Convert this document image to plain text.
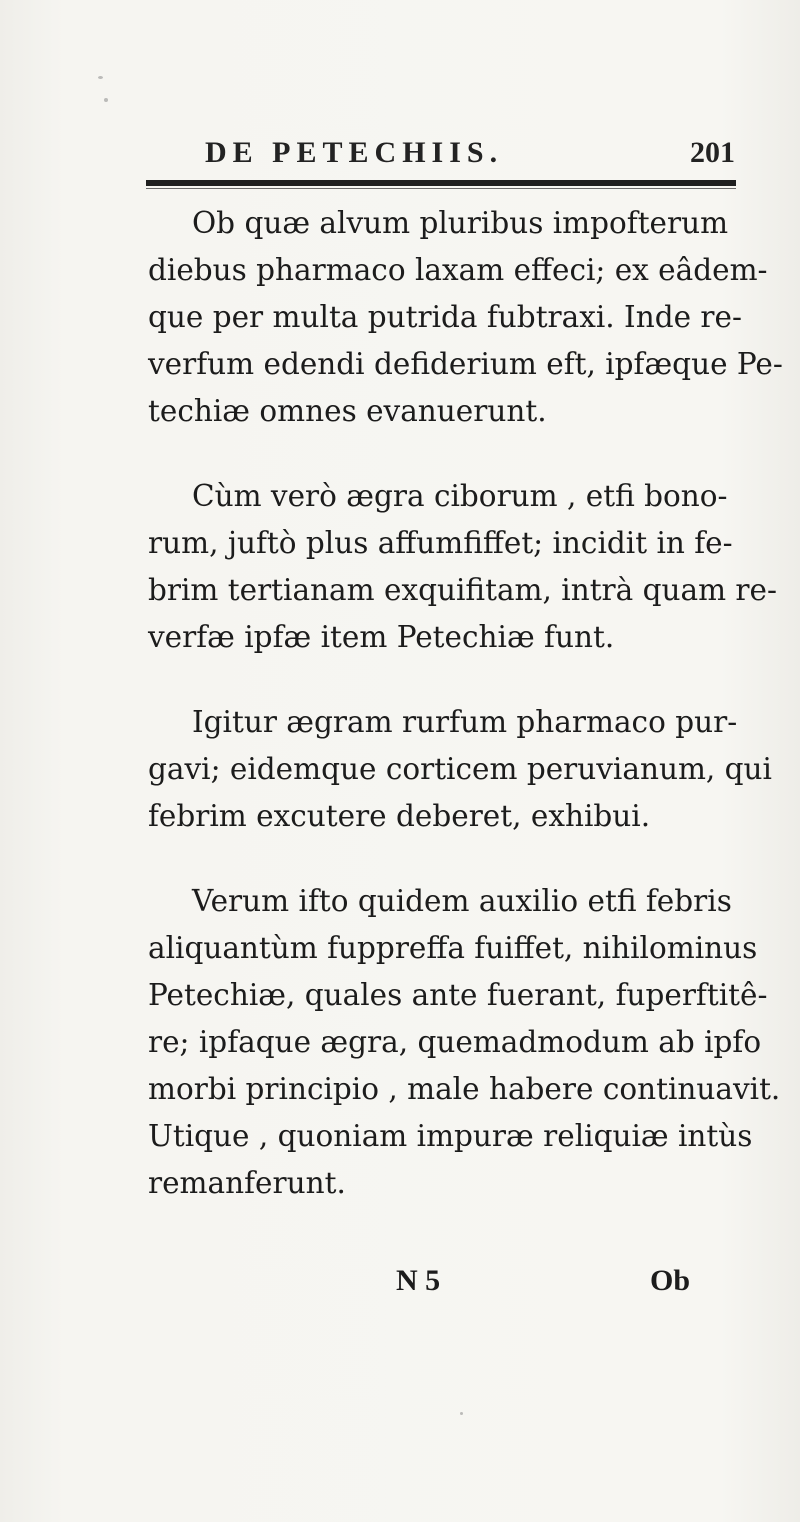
DE PETECHIIS.	201

Ob quæ alvum pluribus impofterum
diebus pharmaco laxam effeci; ex eâdem-
que per multa putrida fubtraxi. Inde re-
verfum edendi defiderium eft, ipfæque Pe-
techiæ omnes evanuerunt.

Cùm verò ægra ciborum , etfi bono-
rum, juftò plus affumfiffet; incidit in fe-
brim tertianam exquifitam, intrà quam re-
verfæ ipfæ item Petechiæ funt.

Igitur ægram rurfum pharmaco pur-
gavi; eidemque corticem peruvianum, qui
febrim excutere deberet, exhibui.

Verum ifto quidem auxilio etfi febris
aliquantùm fuppreffa fuiffet, nihilominus
Petechiæ, quales ante fuerant, fuperftitê-
re; ipfaque ægra, quemadmodum ab ipfo
morbi principio , male habere continuavit.
Utique , quoniam impuræ reliquiæ intùs
remanferunt.

N 5	Ob
